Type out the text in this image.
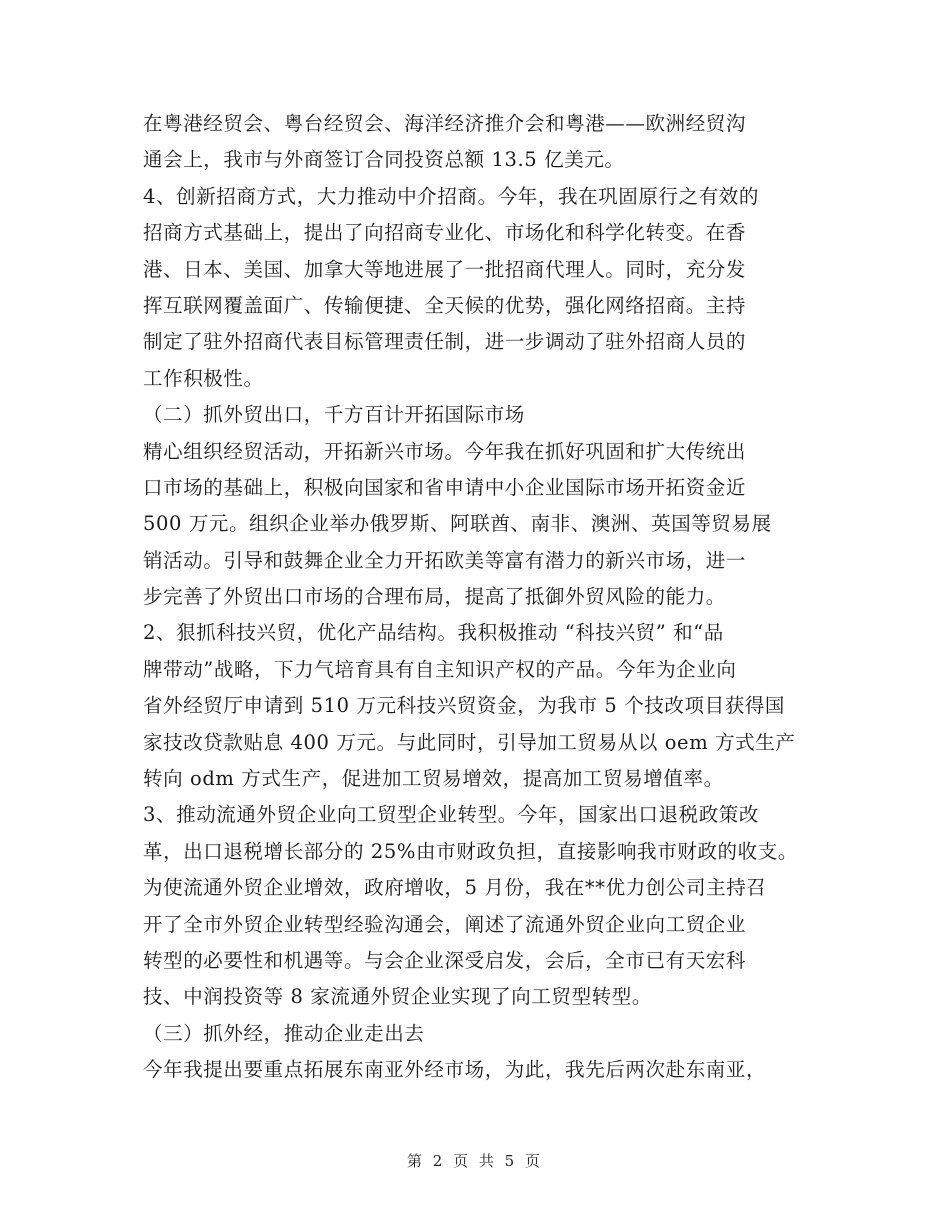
在粤港经贸会、粤台经贸会、海洋经济推介会和粤港——欧洲经贸沟
通会上，我市与外商签订合同投资总额 13.5 亿美元。
4、创新招商方式，大力推动中介招商。今年，我在巩固原行之有效的
招商方式基础上，提出了向招商专业化、市场化和科学化转变。在香
港、日本、美国、加拿大等地进展了一批招商代理人。同时，充分发
挥互联网覆盖面广、传输便捷、全天候的优势，强化网络招商。主持
制定了驻外招商代表目标管理责任制，进一步调动了驻外招商人员的
工作积极性。
（二）抓外贸出口，千方百计开拓国际市场
精心组织经贸活动，开拓新兴市场。今年我在抓好巩固和扩大传统出
口市场的基础上，积极向国家和省申请中小企业国际市场开拓资金近
500 万元。组织企业举办俄罗斯、阿联酋、南非、澳洲、英国等贸易展
销活动。引导和鼓舞企业全力开拓欧美等富有潜力的新兴市场，进一
步完善了外贸出口市场的合理布局，提高了抵御外贸风险的能力。
2、狠抓科技兴贸，优化产品结构。我积极推动 “科技兴贸” 和“品
牌带动”战略，下力气培育具有自主知识产权的产品。今年为企业向
省外经贸厅申请到 510 万元科技兴贸资金，为我市 5 个技改项目获得国
家技改贷款贴息 400 万元。与此同时，引导加工贸易从以 oem 方式生产
转向 odm 方式生产，促进加工贸易增效，提高加工贸易增值率。
3、推动流通外贸企业向工贸型企业转型。今年，国家出口退税政策改
革，出口退税增长部分的 25%由市财政负担，直接影响我市财政的收支。
为使流通外贸企业增效，政府增收，5 月份，我在**优力创公司主持召
开了全市外贸企业转型经验沟通会，阐述了流通外贸企业向工贸企业
转型的必要性和机遇等。与会企业深受启发，会后，全市已有天宏科
技、中润投资等 8 家流通外贸企业实现了向工贸型转型。
（三）抓外经，推动企业走出去
今年我提出要重点拓展东南亚外经市场，为此，我先后两次赴东南亚，
第 2 页 共 5 页
